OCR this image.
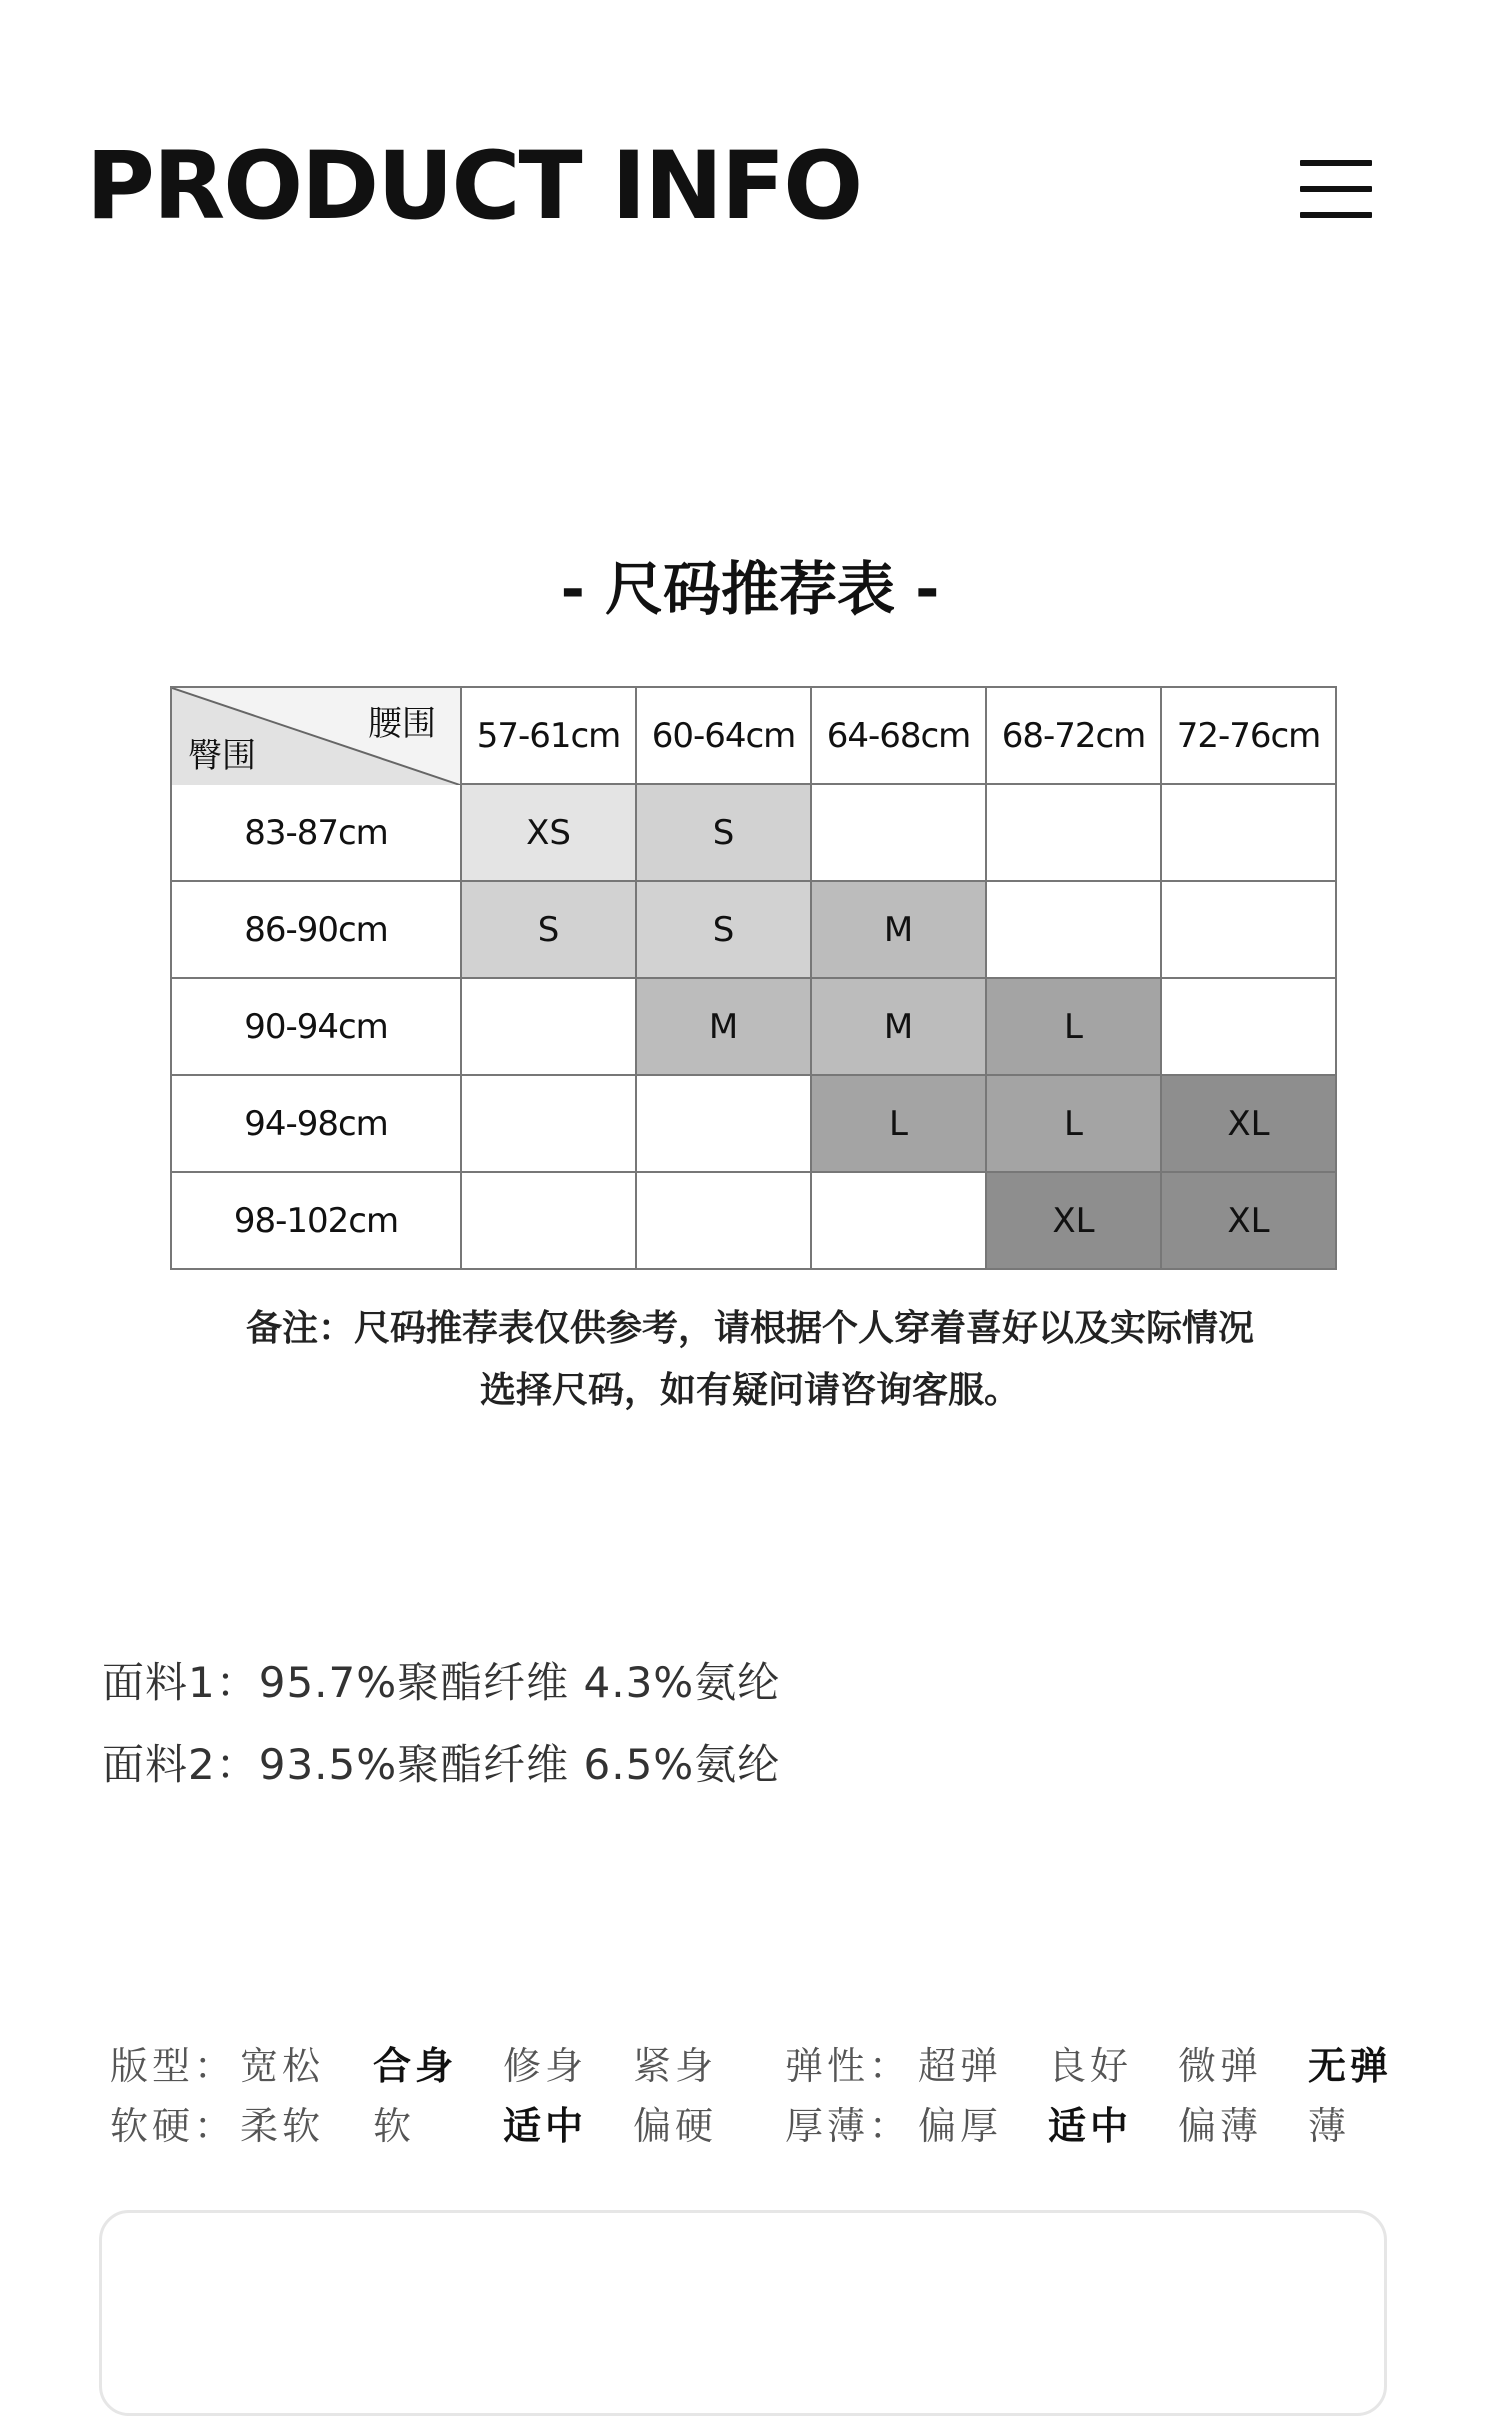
PRODUCT INFO
- 尺码推荐表 -
腰围
臀围	57-61cm	60-64cm	64-68cm	68-72cm	72-76cm
83-87cm	XS	S			
86-90cm	S	S	M		
90-94cm		M	M	L	
94-98cm			L	L	XL
98-102cm				XL	XL
备注：尺码推荐表仅供参考，请根据个人穿着喜好以及实际情况
选择尺码，如有疑问请咨询客服。
面料1：95.7%聚酯纤维 4.3%氨纶
面料2：93.5%聚酯纤维 6.5%氨纶
版型： 宽松 合身 修身 紧身 弹性： 超弹 良好 微弹 无弹
软硬： 柔软 软 适中 偏硬 厚薄： 偏厚 适中 偏薄 薄
